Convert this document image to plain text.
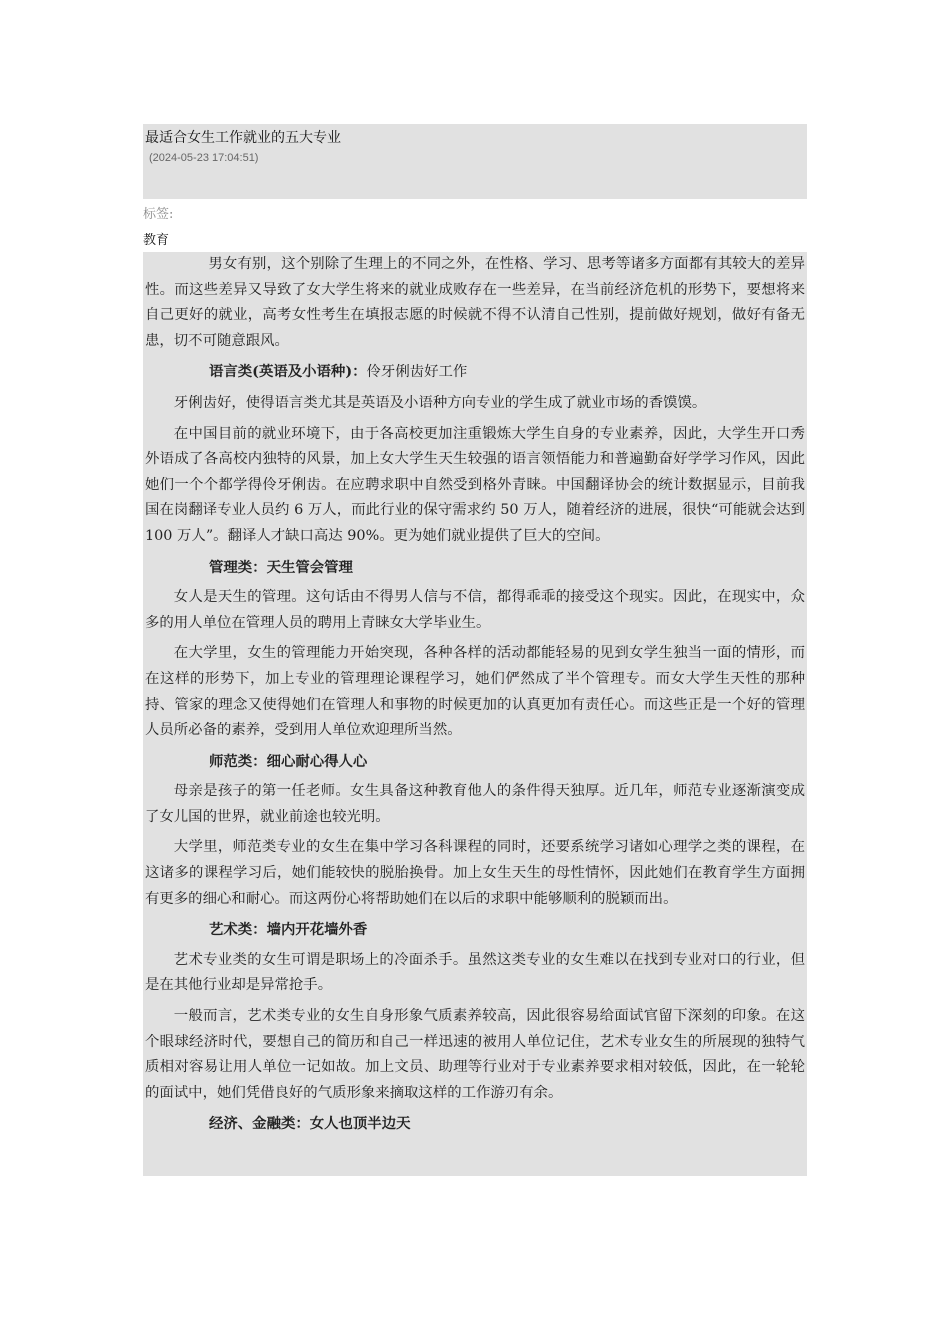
最适合女生工作就业的五大专业
(2024-05-23 17:04:51)
标签:
教育

男女有别，这个别除了生理上的不同之外，在性格、学习、思考等诸多方面都有其较大的差异性。而这些差异又导致了女大学生将来的就业成败存在一些差异，在当前经济危机的形势下，要想将来自己更好的就业，高考女性考生在填报志愿的时候就不得不认清自己性别，提前做好规划，做好有备无患，切不可随意跟风。

语言类(英语及小语种)：伶牙俐齿好工作

牙俐齿好，使得语言类尤其是英语及小语种方向专业的学生成了就业市场的香馍馍。

在中国目前的就业环境下，由于各高校更加注重锻炼大学生自身的专业素养，因此，大学生开口秀外语成了各高校内独特的风景，加上女大学生天生较强的语言领悟能力和普遍勤奋好学学习作风，因此她们一个个都学得伶牙俐齿。在应聘求职中自然受到格外青睐。中国翻译协会的统计数据显示，目前我国在岗翻译专业人员约 6 万人，而此行业的保守需求约 50 万人，随着经济的进展，很快“可能就会达到 100 万人”。翻译人才缺口高达 90%。更为她们就业提供了巨大的空间。

管理类：天生管会管理

女人是天生的管理。这句话由不得男人信与不信，都得乖乖的接受这个现实。因此，在现实中，众多的用人单位在管理人员的聘用上青睐女大学毕业生。

在大学里，女生的管理能力开始突现，各种各样的活动都能轻易的见到女学生独当一面的情形，而在这样的形势下，加上专业的管理理论课程学习，她们俨然成了半个管理专。而女大学生天性的那种持、管家的理念又使得她们在管理人和事物的时候更加的认真更加有责任心。而这些正是一个好的管理人员所必备的素养，受到用人单位欢迎理所当然。

师范类：细心耐心得人心

母亲是孩子的第一任老师。女生具备这种教育他人的条件得天独厚。近几年，师范专业逐渐演变成了女儿国的世界，就业前途也较光明。

大学里，师范类专业的女生在集中学习各科课程的同时，还要系统学习诸如心理学之类的课程，在这诸多的课程学习后，她们能较快的脱胎换骨。加上女生天生的母性情怀，因此她们在教育学生方面拥有更多的细心和耐心。而这两份心将帮助她们在以后的求职中能够顺利的脱颖而出。

艺术类：墙内开花墙外香

艺术专业类的女生可谓是职场上的冷面杀手。虽然这类专业的女生难以在找到专业对口的行业，但是在其他行业却是异常抢手。

一般而言，艺术类专业的女生自身形象气质素养较高，因此很容易给面试官留下深刻的印象。在这个眼球经济时代，要想自己的简历和自己一样迅速的被用人单位记住，艺术专业女生的所展现的独特气质相对容易让用人单位一记如故。加上文员、助理等行业对于专业素养要求相对较低，因此，在一轮轮的面试中，她们凭借良好的气质形象来摘取这样的工作游刃有余。

经济、金融类：女人也顶半边天
